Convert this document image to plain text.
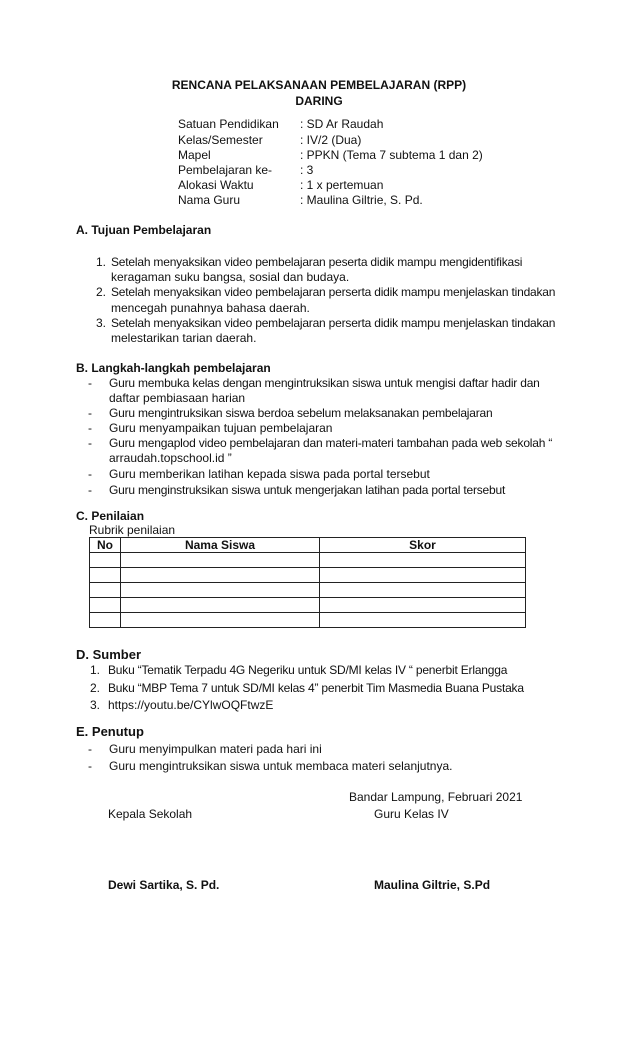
RENCANA PELAKSANAAN PEMBELAJARAN (RPP)
DARING
Satuan Pendidikan : SD Ar Raudah
Kelas/Semester	: IV/2 (Dua)
Mapel	: PPKN (Tema 7 subtema 1 dan 2)
Pembelajaran ke- : 3
Alokasi Waktu	: 1 x pertemuan
Nama Guru	: Maulina Giltrie, S. Pd.
A. Tujuan Pembelajaran
1. Setelah menyaksikan video pembelajaran peserta didik mampu mengidentifikasi
keragaman suku bangsa, sosial dan budaya.
2. Setelah menyaksikan video pembelajaran perserta didik mampu menjelaskan tindakan
mencegah punahnya bahasa daerah.
3. Setelah menyaksikan video pembelajaran perserta didik mampu menjelaskan tindakan
melestarikan tarian daerah.
B. Langkah-langkah pembelajaran
- Guru membuka kelas dengan mengintruksikan siswa untuk mengisi daftar hadir dan
daftar pembiasaan harian
- Guru mengintruksikan siswa berdoa sebelum melaksanakan pembelajaran
- Guru menyampaikan tujuan pembelajaran
- Guru mengaplod video pembelajaran dan materi-materi tambahan pada web sekolah “
arraudah.topschool.id ”
- Guru memberikan latihan kepada siswa pada portal tersebut
- Guru menginstruksikan siswa untuk mengerjakan latihan pada portal tersebut
C. Penilaian
Rubrik penilaian
No	Nama Siswa	Skor

D. Sumber
1. Buku “Tematik Terpadu 4G Negeriku untuk SD/MI kelas IV “ penerbit Erlangga
2. Buku “MBP Tema 7 untuk SD/MI kelas 4” penerbit Tim Masmedia Buana Pustaka
3. https://youtu.be/CYlwOQFtwzE
E. Penutup
- Guru menyimpulkan materi pada hari ini
- Guru mengintruksikan siswa untuk membaca materi selanjutnya.
Bandar Lampung, Februari 2021
Kepala Sekolah	Guru Kelas IV
Dewi Sartika, S. Pd.	Maulina Giltrie, S.Pd
